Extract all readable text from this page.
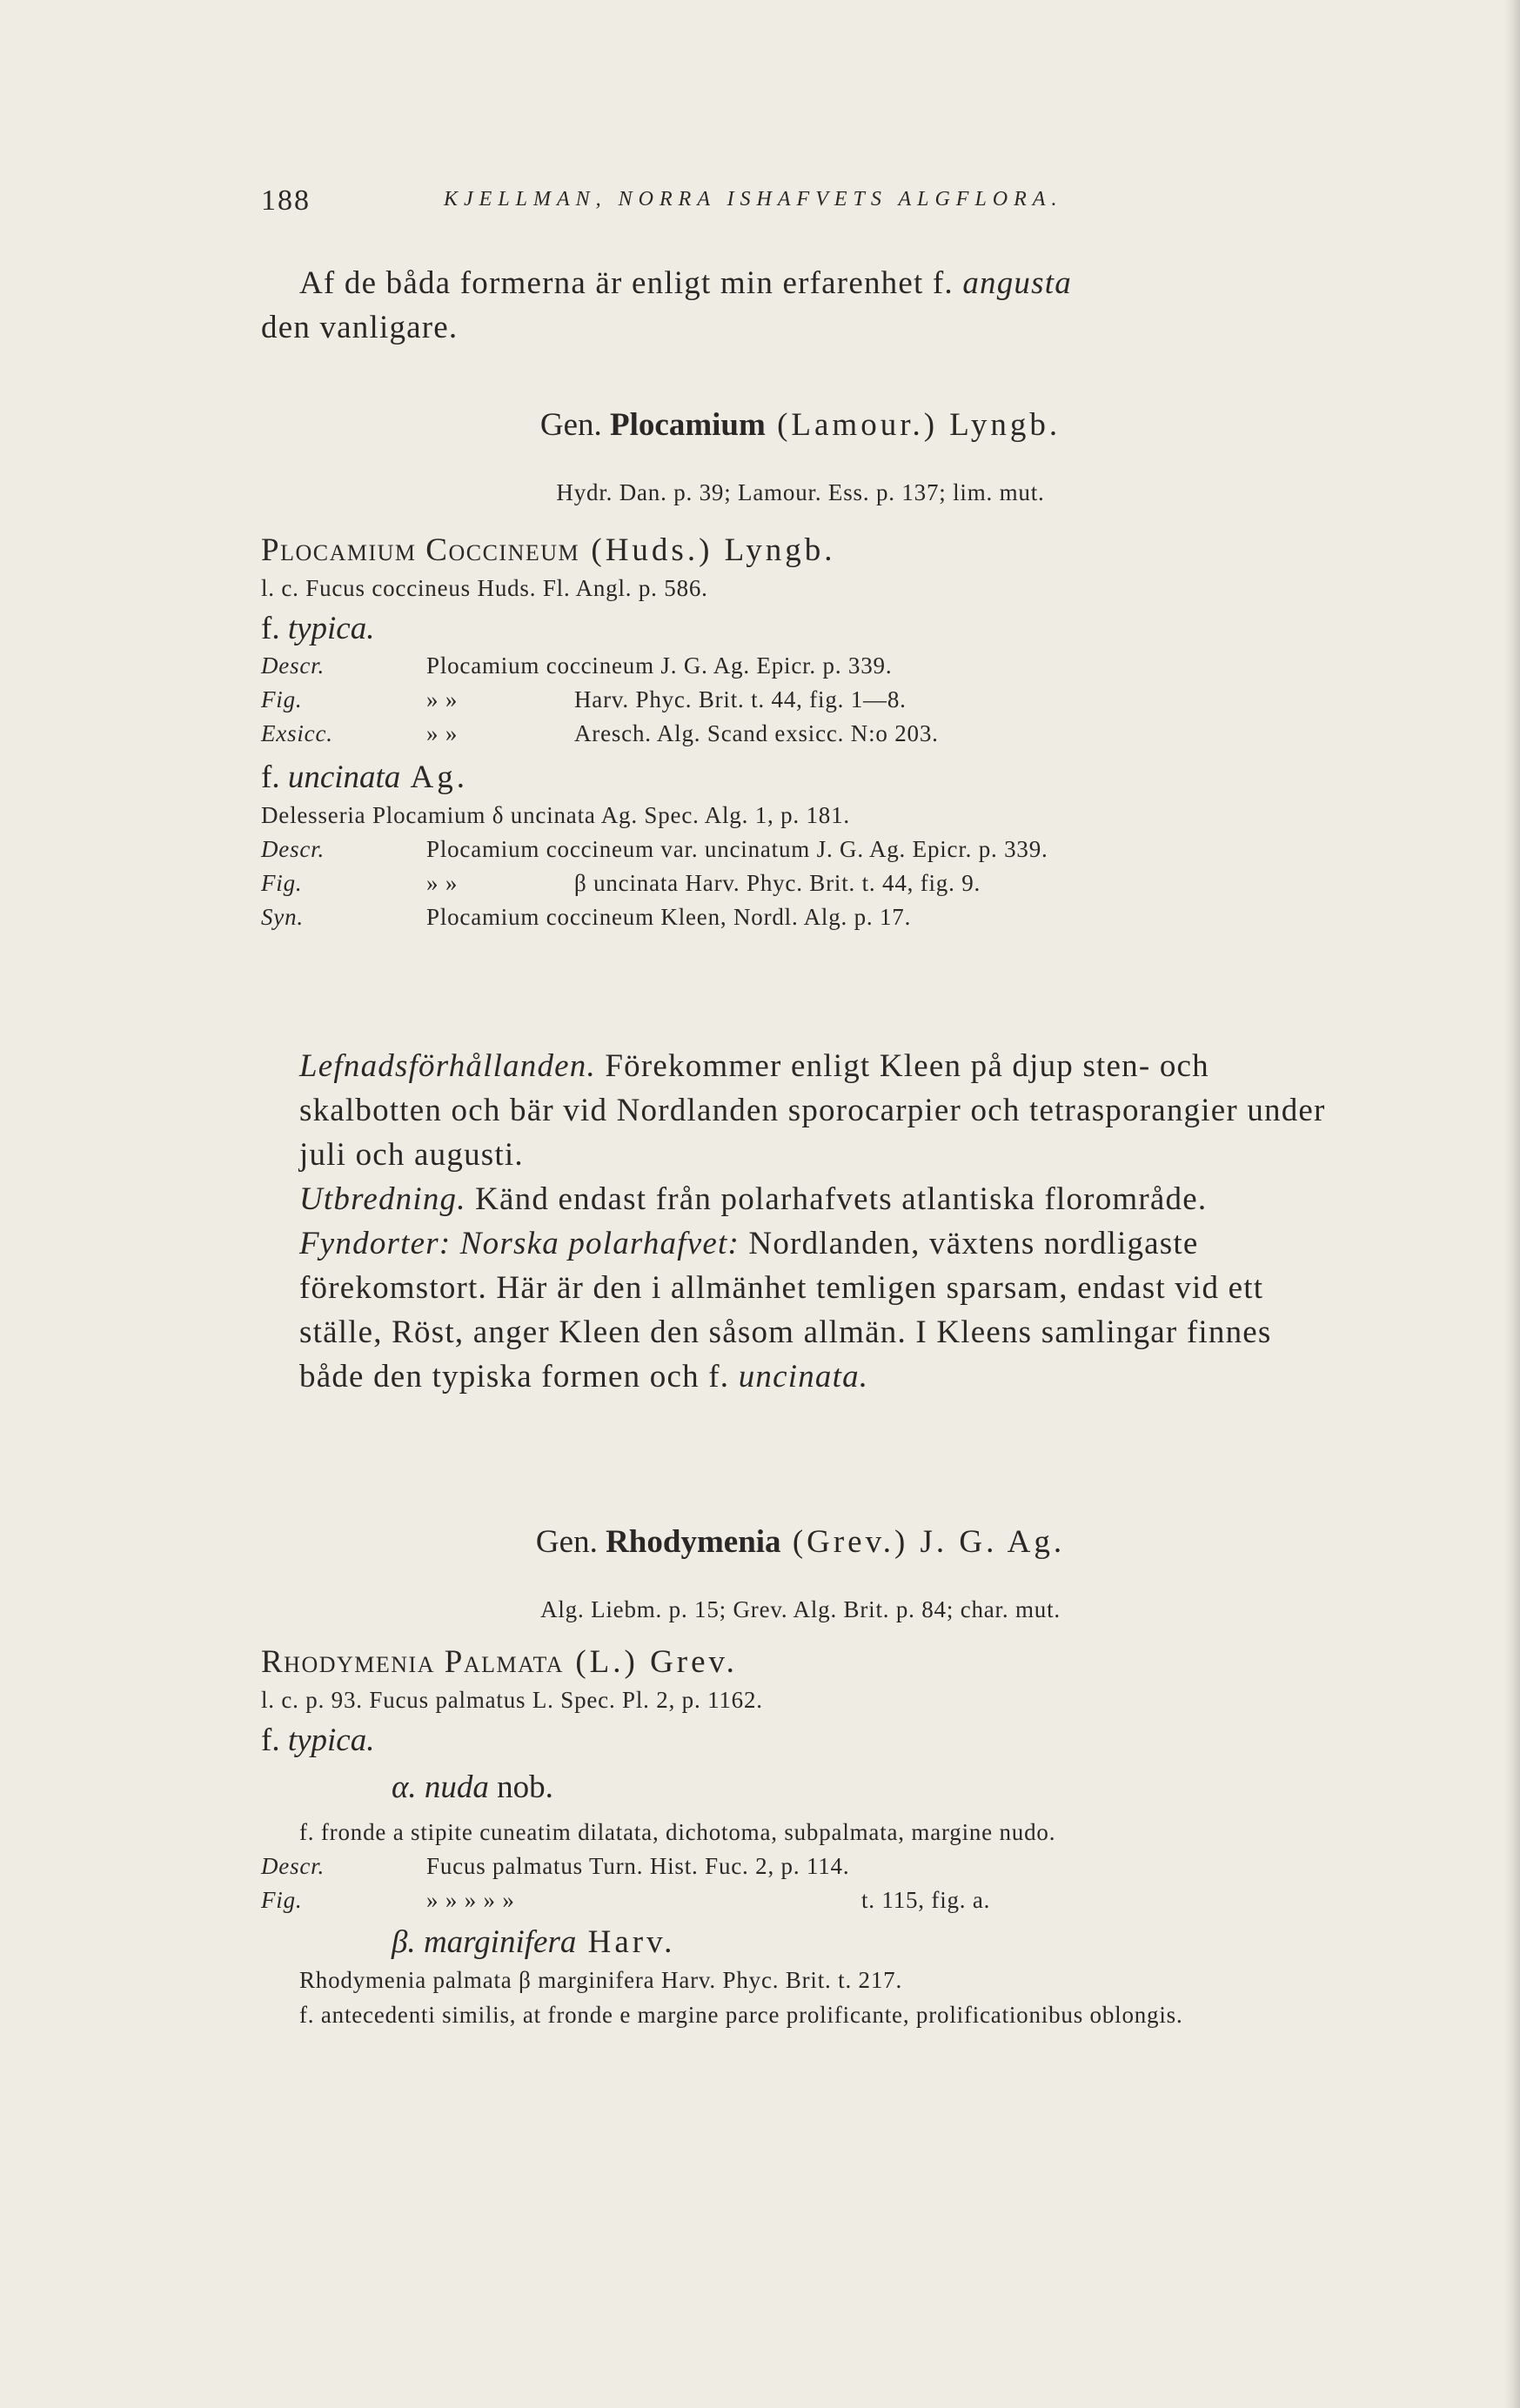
188	KJELLMAN, NORRA ISHAFVETS ALGFLORA.

Af de båda formerna är enligt min erfarenhet f. angusta

den vanligare.

Gen. Plocamium (Lamour.) Lyngb.

Hydr. Dan. p. 39; Lamour. Ess. p. 137; lim. mut.

Plocamium Coccineum (Huds.) Lyngb.

l. c. Fucus coccineus Huds. Fl. Angl. p. 586.

f. typica.

Descr.	Plocamium coccineum J. G. Ag. Epicr. p. 339.
Fig.	» »	Harv. Phyc. Brit. t. 44, fig. 1—8.
Exsicc.	» »	Aresch. Alg. Scand exsicc. N:o 203.

f. uncinata Ag.

Delesseria Plocamium δ uncinata Ag. Spec. Alg. 1, p. 181.

Descr.	Plocamium coccineum var. uncinatum J. G. Ag. Epicr. p. 339.
Fig.	» »	β uncinata Harv. Phyc. Brit. t. 44, fig. 9.
Syn.	Plocamium coccineum Kleen, Nordl. Alg. p. 17.

Lefnadsförhållanden. Förekommer enligt Kleen på djup sten- och skalbotten och bär vid Nordlanden sporocarpier och tetrasporangier under juli och augusti.

Utbredning. Känd endast från polarhafvets atlantiska florområde.

Fyndorter: Norska polarhafvet: Nordlanden, växtens nordligaste förekomstort. Här är den i allmänhet temligen sparsam, endast vid ett ställe, Röst, anger Kleen den såsom allmän. I Kleens samlingar finnes både den typiska formen och f. uncinata.

Gen. Rhodymenia (Grev.) J. G. Ag.

Alg. Liebm. p. 15; Grev. Alg. Brit. p. 84; char. mut.

Rhodymenia Palmata (L.) Grev.

l. c. p. 93. Fucus palmatus L. Spec. Pl. 2, p. 1162.

f. typica.

α. nuda nob.

f. fronde a stipite cuneatim dilatata, dichotoma, subpalmata, margine nudo.

Descr.	Fucus palmatus Turn. Hist. Fuc. 2, p. 114.
Fig.	» » » » »	t. 115, fig. a.

β. marginifera Harv.

Rhodymenia palmata β marginifera Harv. Phyc. Brit. t. 217.

f. antecedenti similis, at fronde e margine parce prolificante, prolificationibus oblongis.
